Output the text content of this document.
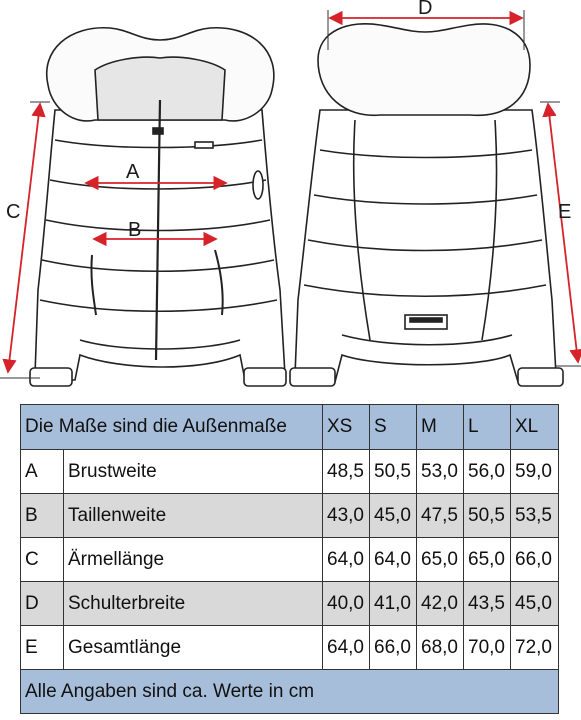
A
B
C
D
E
Die Maße sind die Außenmaße		XS	S	M	L	XL
A	Brustweite	48,5	50,5	53,0	56,0	59,0
B	Taillenweite	43,0	45,0	47,5	50,5	53,5
C	Ärmellänge	64,0	64,0	65,0	65,0	66,0
D	Schulterbreite	40,0	41,0	42,0	43,5	45,0
E	Gesamtlänge	64,0	66,0	68,0	70,0	72,0
Alle Angaben sind ca. Werte in cm						
